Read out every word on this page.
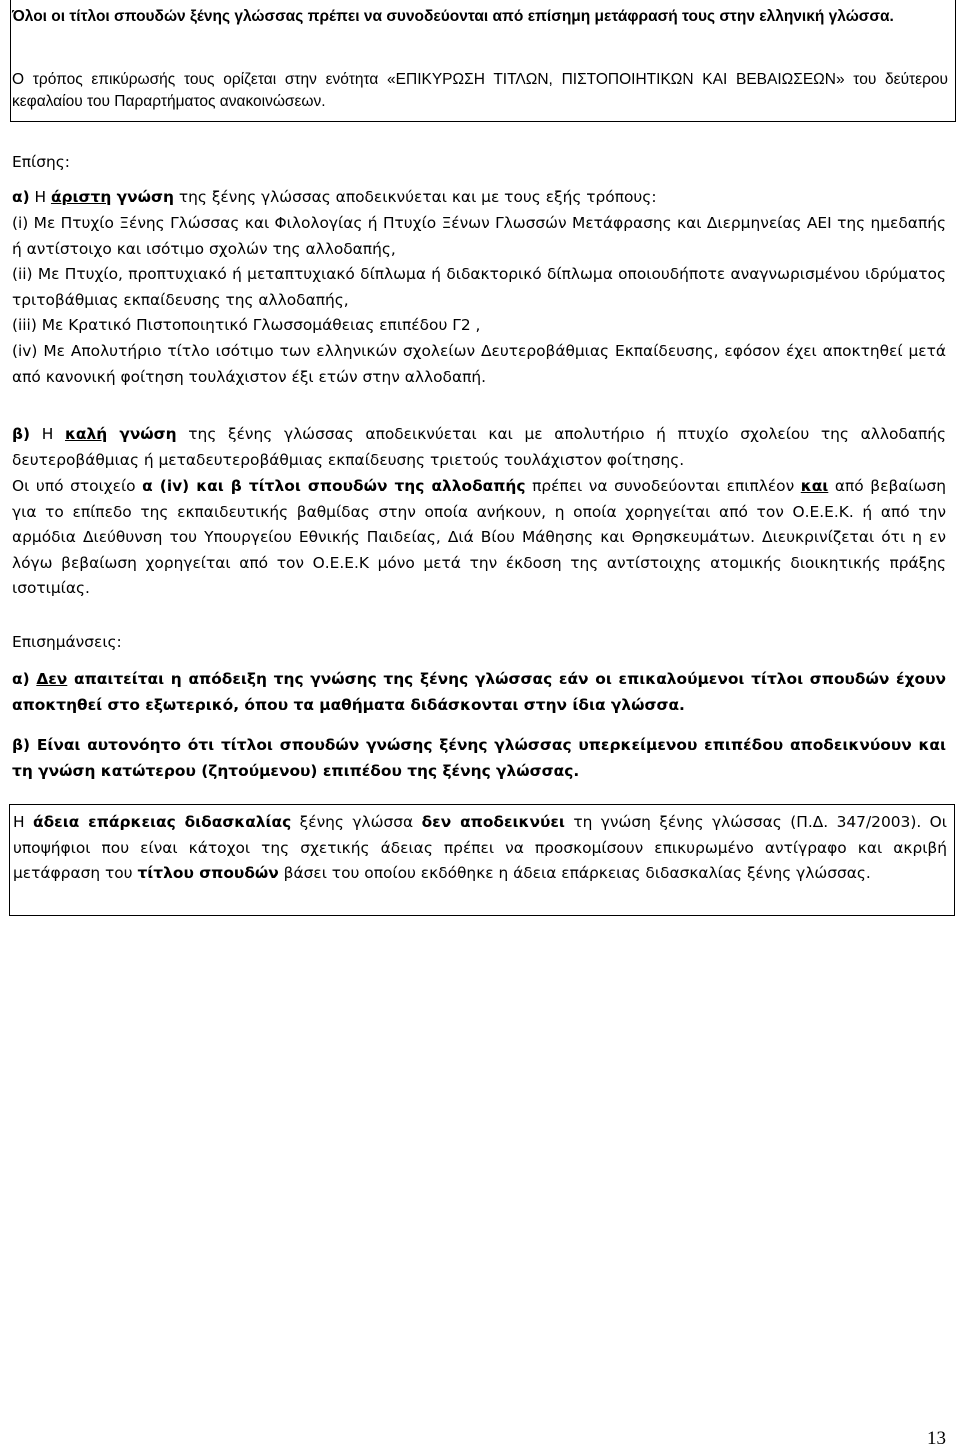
Όλοι οι τίτλοι σπουδών ξένης γλώσσας πρέπει να συνοδεύονται από επίσημη μετάφρασή τους στην ελληνική γλώσσα.
Ο τρόπος επικύρωσής τους ορίζεται στην ενότητα «ΕΠΙΚΥΡΩΣΗ ΤΙΤΛΩΝ, ΠΙΣΤΟΠΟΙΗΤΙΚΩΝ ΚΑΙ ΒΕΒΑΙΩΣΕΩΝ» του δεύτερου κεφαλαίου του Παραρτήματος ανακοινώσεων.
Επίσης:
α) Η άριστη γνώση της ξένης γλώσσας αποδεικνύεται και με τους εξής τρόπους:
(i) Με Πτυχίο Ξένης Γλώσσας και Φιλολογίας ή Πτυχίο Ξένων Γλωσσών Μετάφρασης και Διερμηνείας ΑΕΙ της ημεδαπής ή αντίστοιχο και ισότιμο σχολών της αλλοδαπής,
(ii) Με Πτυχίο, προπτυχιακό ή μεταπτυχιακό δίπλωμα ή διδακτορικό δίπλωμα οποιουδήποτε αναγνωρισμένου ιδρύματος τριτοβάθμιας εκπαίδευσης της αλλοδαπής,
(iii) Με Κρατικό Πιστοποιητικό Γλωσσομάθειας επιπέδου Γ2 ,
(iv) Με Απολυτήριο τίτλο ισότιμο των ελληνικών σχολείων Δευτεροβάθμιας Εκπαίδευσης, εφόσον έχει αποκτηθεί μετά από κανονική φοίτηση τουλάχιστον έξι ετών στην αλλοδαπή.
β) Η καλή γνώση της ξένης γλώσσας αποδεικνύεται και με απολυτήριο ή πτυχίο σχολείου της αλλοδαπής δευτεροβάθμιας ή μεταδευτεροβάθμιας εκπαίδευσης τριετούς τουλάχιστον φοίτησης.
Οι υπό στοιχείο α (iv) και β τίτλοι σπουδών της αλλοδαπής πρέπει να συνοδεύονται επιπλέον και από βεβαίωση για το επίπεδο της εκπαιδευτικής βαθμίδας στην οποία ανήκουν, η οποία χορηγείται από τον Ο.Ε.Ε.Κ. ή από την αρμόδια Διεύθυνση του Υπουργείου Εθνικής Παιδείας, Διά Βίου Μάθησης και Θρησκευμάτων. Διευκρινίζεται ότι η εν λόγω βεβαίωση χορηγείται από τον Ο.Ε.Ε.Κ μόνο μετά την έκδοση της αντίστοιχης ατομικής διοικητικής πράξης ισοτιμίας.
Επισημάνσεις:
α) Δεν απαιτείται η απόδειξη της γνώσης της ξένης γλώσσας εάν οι επικαλούμενοι τίτλοι σπουδών έχουν αποκτηθεί στο εξωτερικό, όπου τα μαθήματα διδάσκονται στην ίδια γλώσσα.
β) Είναι αυτονόητο ότι τίτλοι σπουδών γνώσης ξένης γλώσσας υπερκείμενου επιπέδου αποδεικνύουν και τη γνώση κατώτερου (ζητούμενου) επιπέδου της ξένης γλώσσας.
Η άδεια επάρκειας διδασκαλίας ξένης γλώσσα δεν αποδεικνύει τη γνώση ξένης γλώσσας (Π.Δ. 347/2003). Οι υποψήφιοι που είναι κάτοχοι της σχετικής άδειας πρέπει να προσκομίσουν επικυρωμένο αντίγραφο και ακριβή μετάφραση του τίτλου σπουδών βάσει του οποίου εκδόθηκε η άδεια επάρκειας διδασκαλίας ξένης γλώσσας.
13
